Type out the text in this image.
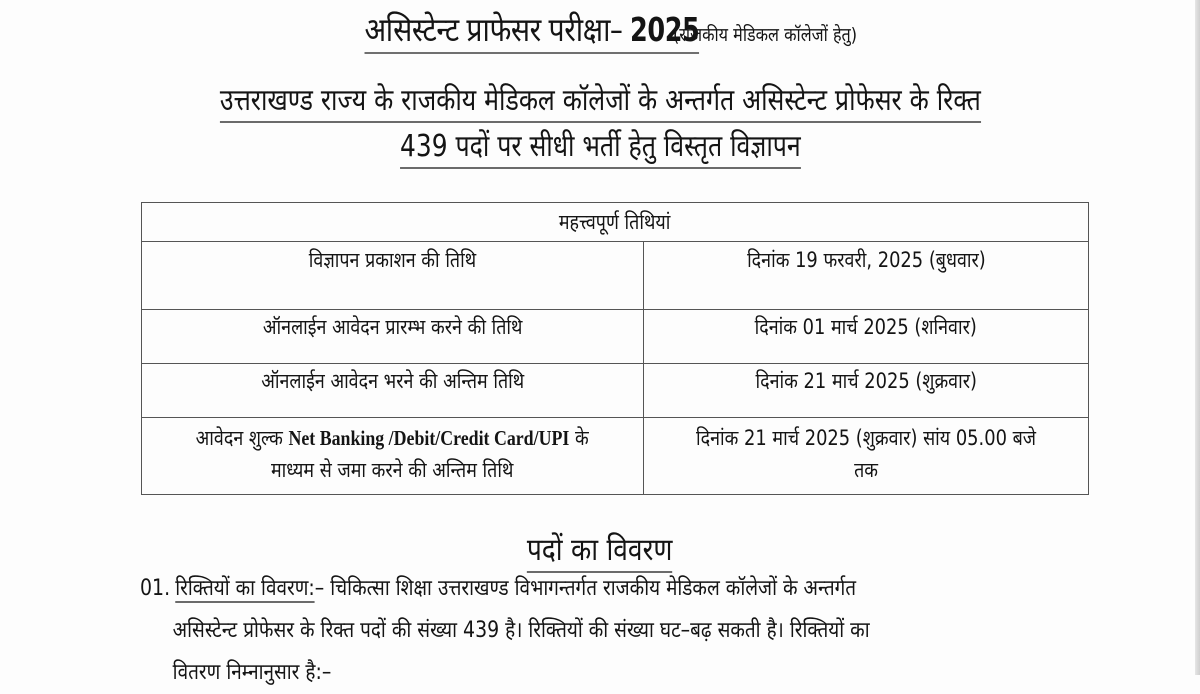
असिस्टेन्ट प्राफेसर परीक्षा– 2025(राजकीय मेडिकल कॉलेजों हेतु)
उत्तराखण्ड राज्य के राजकीय मेडिकल कॉलेजों के अन्तर्गत असिस्टेन्ट प्रोफेसर के रिक्त
439 पदों पर सीधी भर्ती हेतु विस्तृत विज्ञापन
महत्त्वपूर्ण तिथियां	
विज्ञापन प्रकाशन की तिथि	दिनांक 19 फरवरी, 2025 (बुधवार)
ऑनलाईन आवेदन प्रारम्भ करने की तिथि	दिनांक 01 मार्च 2025 (शनिवार)
ऑनलाईन आवेदन भरने की अन्तिम तिथि	दिनांक 21 मार्च 2025 (शुक्रवार)
आवेदन शुल्क Net Banking /Debit/Credit Card/UPI के
माध्यम से जमा करने की अन्तिम तिथि	दिनांक 21 मार्च 2025 (शुक्रवार) सांय 05.00 बजे
तक
पदों का विवरण
01. रिक्तियों का विवरण:– चिकित्सा शिक्षा उत्तराखण्ड विभागन्तर्गत राजकीय मेडिकल कॉलेजों के अन्तर्गत
असिस्टेन्ट प्रोफेसर के रिक्त पदों की संख्या 439 है। रिक्तियों की संख्या घट–बढ़ सकती है। रिक्तियों का
वितरण निम्नानुसार है:–
